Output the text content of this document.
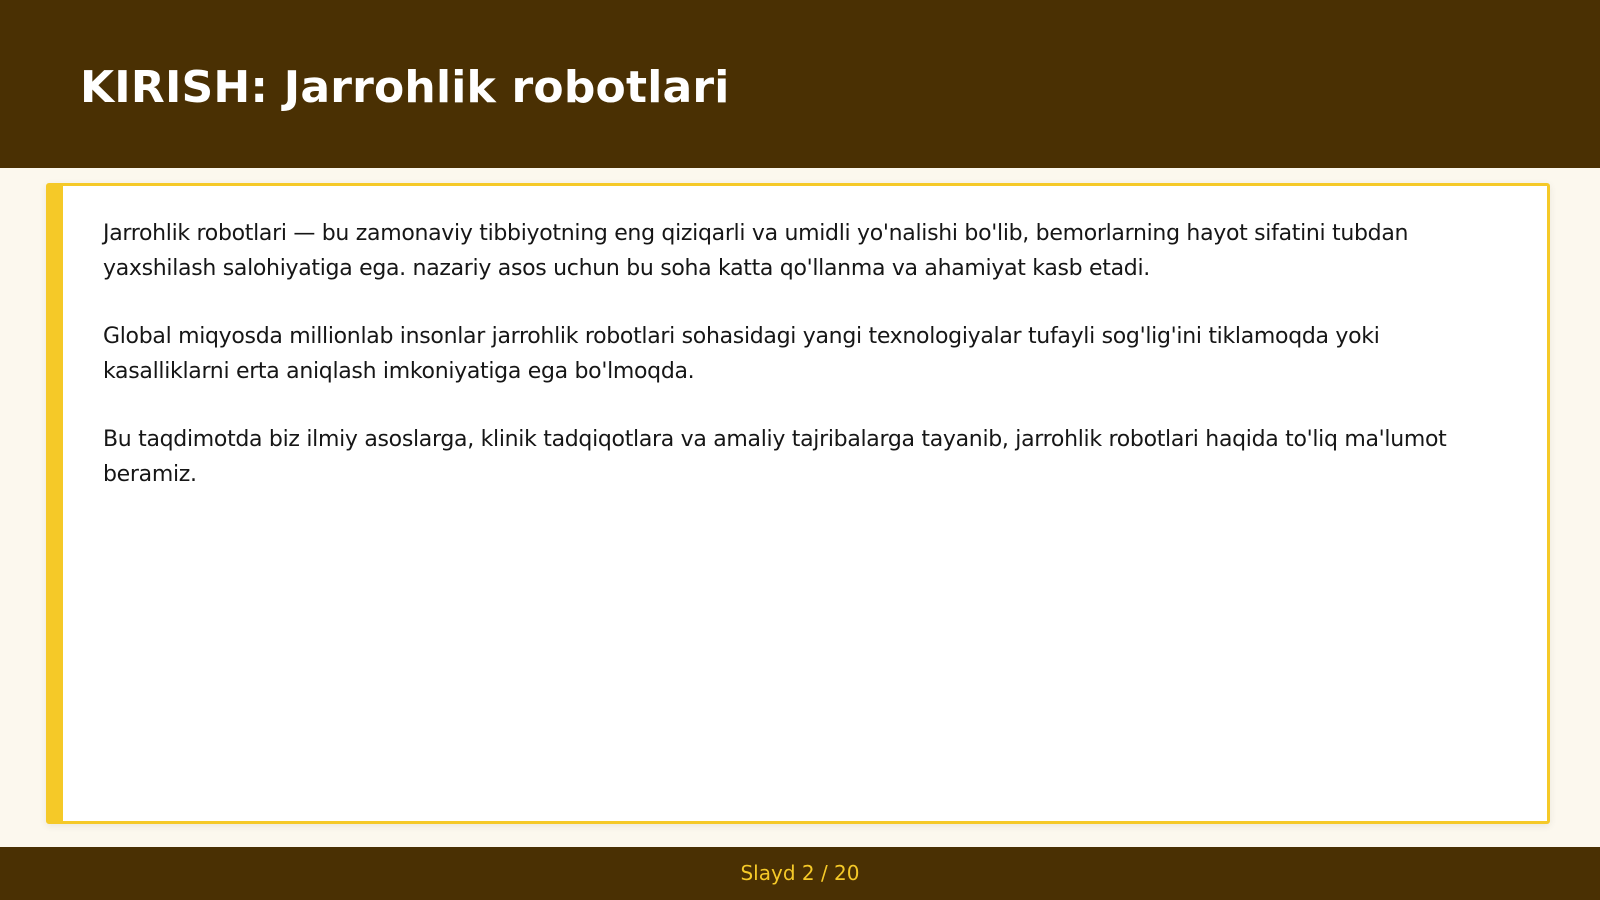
KIRISH: Jarrohlik robotlari

Jarrohlik robotlari — bu zamonaviy tibbiyotning eng qiziqarli va umidli yo'nalishi bo'lib, bemorlarning hayot sifatini tubdan yaxshilash salohiyatiga ega. nazariy asos uchun bu soha katta qo'llanma va ahamiyat kasb etadi.

Global miqyosda millionlab insonlar jarrohlik robotlari sohasidagi yangi texnologiyalar tufayli sog'lig'ini tiklamoqda yoki kasalliklarni erta aniqlash imkoniyatiga ega bo'lmoqda.

Bu taqdimotda biz ilmiy asoslarga, klinik tadqiqotlara va amaliy tajribalarga tayanib, jarrohlik robotlari haqida to'liq ma'lumot beramiz.

Slayd 2 / 20
